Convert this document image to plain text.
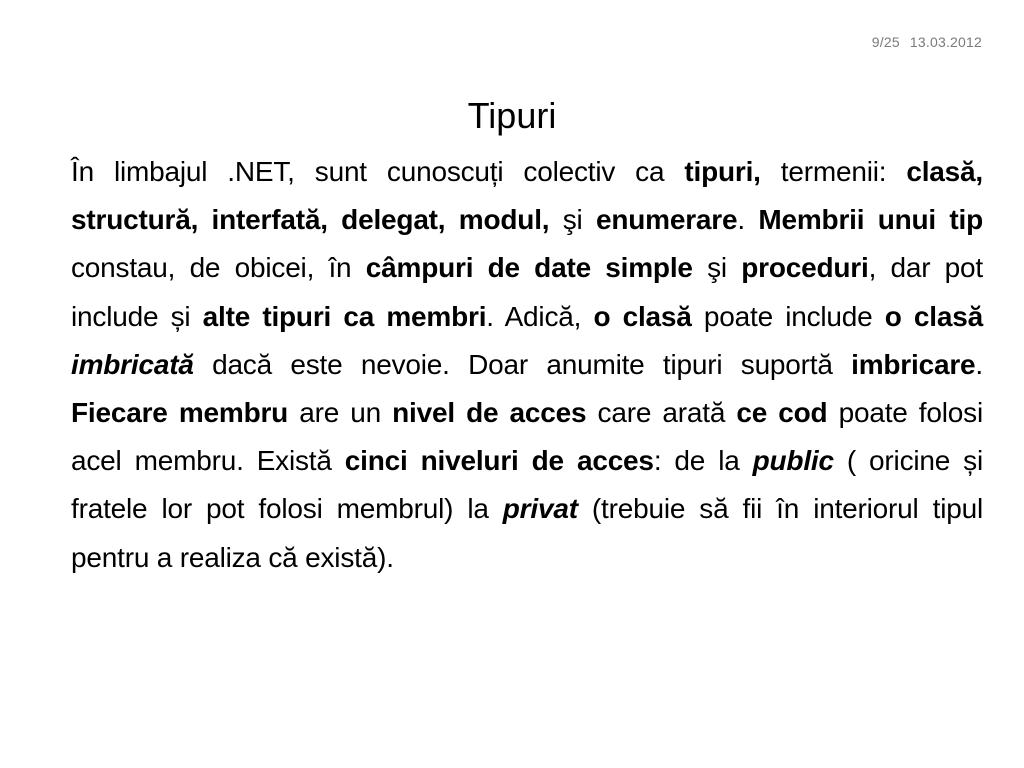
9/25 13.03.2012
Tipuri
În limbajul .NET, sunt cunoscuți colectiv ca tipuri, termenii: clasă, structură, interfată, delegat, modul, şi enumerare. Membrii unui tip constau, de obicei, în câmpuri de date simple şi proceduri, dar pot include și alte tipuri ca membri. Adică, o clasă poate include o clasă imbricată dacă este nevoie. Doar anumite tipuri suportă imbricare. Fiecare membru are un nivel de acces care arată ce cod poate folosi acel membru. Există cinci niveluri de acces: de la public ( oricine și fratele lor pot folosi membrul) la privat (trebuie să fii în interiorul tipul pentru a realiza că există).
